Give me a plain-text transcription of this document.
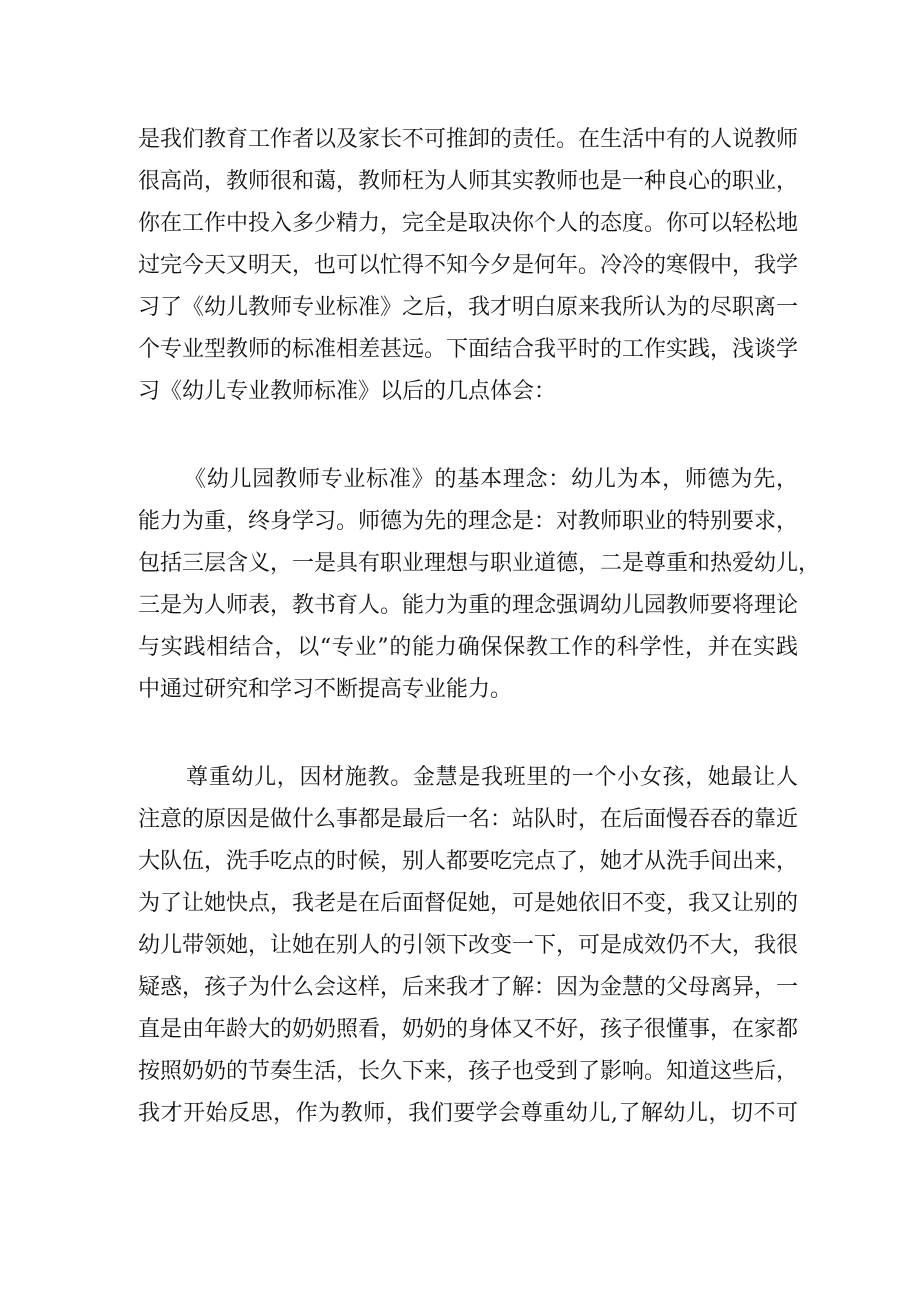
是我们教育工作者以及家长不可推卸的责任。在生活中有的人说教师
很高尚，教师很和蔼，教师枉为人师其实教师也是一种良心的职业，
你在工作中投入多少精力，完全是取决你个人的态度。你可以轻松地
过完今天又明天，也可以忙得不知今夕是何年。冷冷的寒假中，我学
习了《幼儿教师专业标准》之后，我才明白原来我所认为的尽职离一
个专业型教师的标准相差甚远。下面结合我平时的工作实践，浅谈学
习《幼儿专业教师标准》以后的几点体会：
《幼儿园教师专业标准》的基本理念：幼儿为本，师德为先，
能力为重，终身学习。师德为先的理念是：对教师职业的特别要求，
包括三层含义，一是具有职业理想与职业道德，二是尊重和热爱幼儿，
三是为人师表，教书育人。能力为重的理念强调幼儿园教师要将理论
与实践相结合，以“专业”的能力确保保教工作的科学性，并在实践
中通过研究和学习不断提高专业能力。
尊重幼儿，因材施教。金慧是我班里的一个小女孩，她最让人
注意的原因是做什么事都是最后一名：站队时，在后面慢吞吞的靠近
大队伍，洗手吃点的时候，别人都要吃完点了，她才从洗手间出来，
为了让她快点，我老是在后面督促她，可是她依旧不变，我又让别的
幼儿带领她，让她在别人的引领下改变一下，可是成效仍不大，我很
疑惑，孩子为什么会这样，后来我才了解：因为金慧的父母离异，一
直是由年龄大的奶奶照看，奶奶的身体又不好，孩子很懂事，在家都
按照奶奶的节奏生活，长久下来，孩子也受到了影响。知道这些后，
我才开始反思，作为教师，我们要学会尊重幼儿,了解幼儿，切不可
